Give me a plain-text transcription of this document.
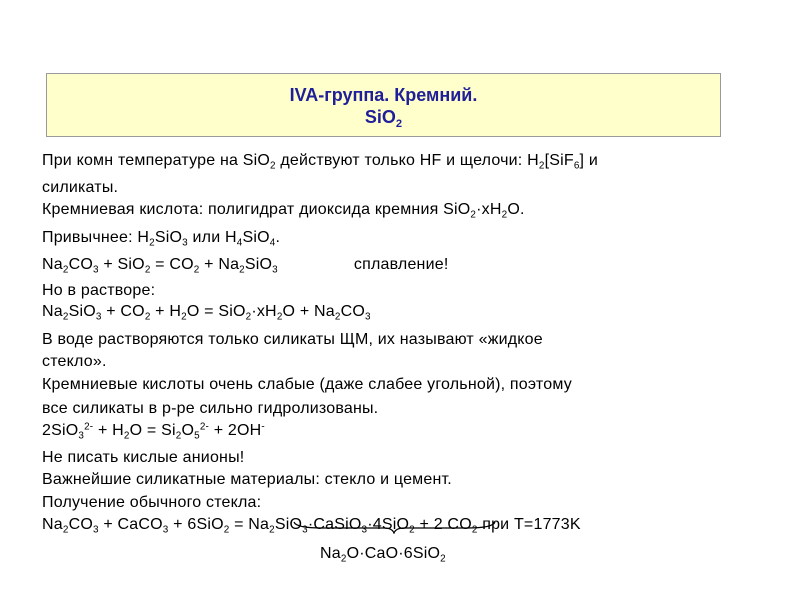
IVA-группа. Кремний.
SiO$_2$
При комн температуре на SiO$_2$ действуют только HF и щелочи: $H_2[SiF_6]$ и
силикаты.
Кремниевая кислота: полигидрат диоксида кремния $SiO_2\cdot xH_2O$.
Привычнее: $H_2SiO_3$ или $H_4SiO_4$.
$Na_2CO_3 + SiO_2 = CO_2 + Na_2SiO_3$	сплавление!
Но в растворе:
$Na_2SiO_3 + CO_2 + H_2O = SiO_2\cdot xH_2O + Na_2CO_3$
В воде растворяются только силикаты ЩМ, их называют «жидкое
стекло».
Кремниевые кислоты очень слабые (даже слабее угольной), поэтому
все силикаты в р-ре сильно гидролизованы.
$2SiO_3^{2-} + H_2O = Si_2O_5^{2-} + 2OH^-$
Не писать кислые анионы!
Важнейшие силикатные материалы: стекло и цемент.
Получение обычного стекла:
$Na_2CO_3$ + CaCO$_3$ + $6SiO_2 = Na_2SiO_3\cdot CaSiO_3\cdot 4SiO_2 + 2$ $CO_2$ при T=1773K
$Na_2O\cdot CaO\cdot 6SiO_2$
